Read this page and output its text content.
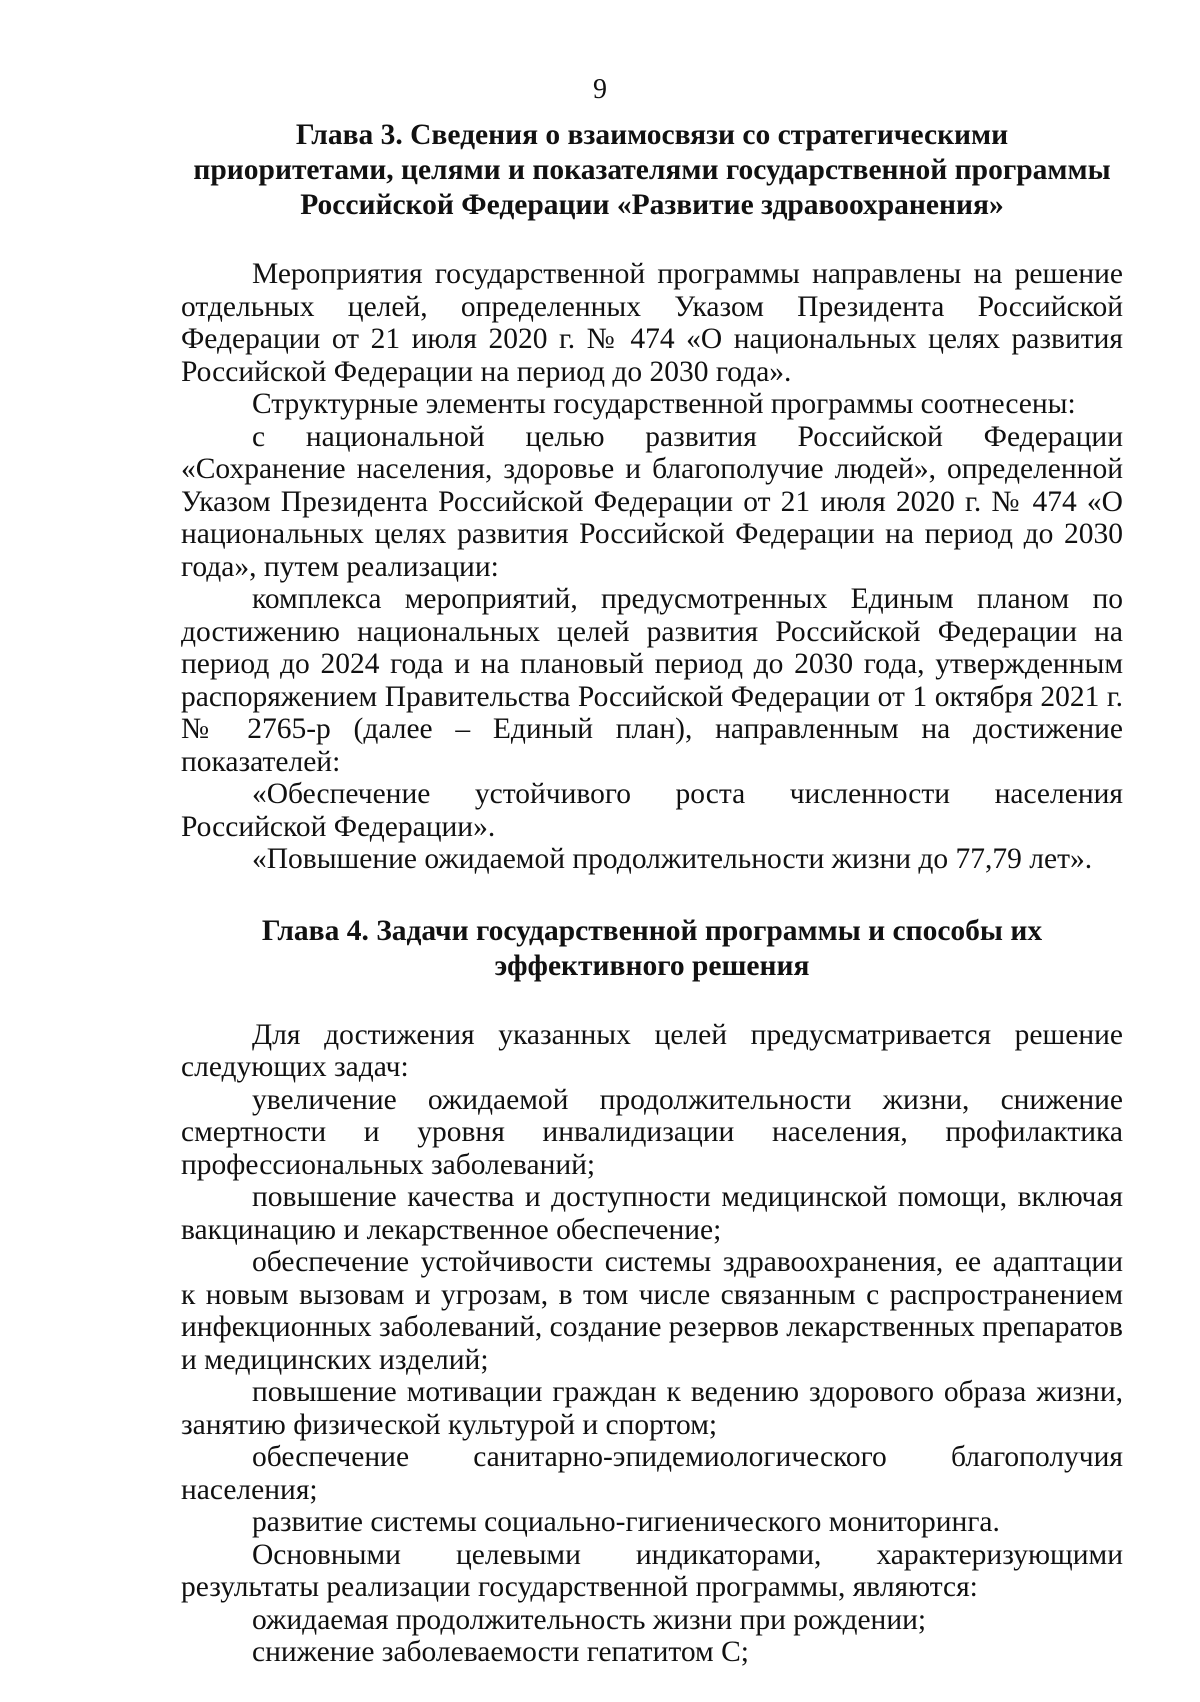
9
Глава 3. Сведения о взаимосвязи со стратегическими
приоритетами, целями и показателями государственной программы
Российской Федерации «Развитие здравоохранения»

Мероприятия государственной программы направлены на решение отдельных целей, определенных Указом Президента Российской Федерации от 21 июля 2020 г. № 474 «О национальных целях развития Российской Федерации на период до 2030 года».

Структурные элементы государственной программы соотнесены:

с национальной целью развития Российской Федерации «Сохранение населения, здоровье и благополучие людей», определенной Указом Президента Российской Федерации от 21 июля 2020 г. № 474 «О национальных целях развития Российской Федерации на период до 2030 года», путем реализации:

комплекса мероприятий, предусмотренных Единым планом по достижению национальных целей развития Российской Федерации на период до 2024 года и на плановый период до 2030 года, утвержденным распоряжением Правительства Российской Федерации от 1 октября 2021 г. № 2765-р (далее – Единый план), направленным на достижение показателей:

«Обеспечение устойчивого роста численности населения Российской Федерации».

«Повышение ожидаемой продолжительности жизни до 77,79 лет».

Глава 4. Задачи государственной программы и способы их
эффективного решения

Для достижения указанных целей предусматривается решение следующих задач:

увеличение ожидаемой продолжительности жизни, снижение смертности и уровня инвалидизации населения, профилактика профессиональных заболеваний;

повышение качества и доступности медицинской помощи, включая вакцинацию и лекарственное обеспечение;

обеспечение устойчивости системы здравоохранения, ее адаптации к новым вызовам и угрозам, в том числе связанным с распространением инфекционных заболеваний, создание резервов лекарственных препаратов и медицинских изделий;

повышение мотивации граждан к ведению здорового образа жизни, занятию физической культурой и спортом;

обеспечение санитарно-эпидемиологического благополучия населения;

развитие системы социально-гигиенического мониторинга.

Основными целевыми индикаторами, характеризующими результаты реализации государственной программы, являются:

ожидаемая продолжительность жизни при рождении;

снижение заболеваемости гепатитом С;
